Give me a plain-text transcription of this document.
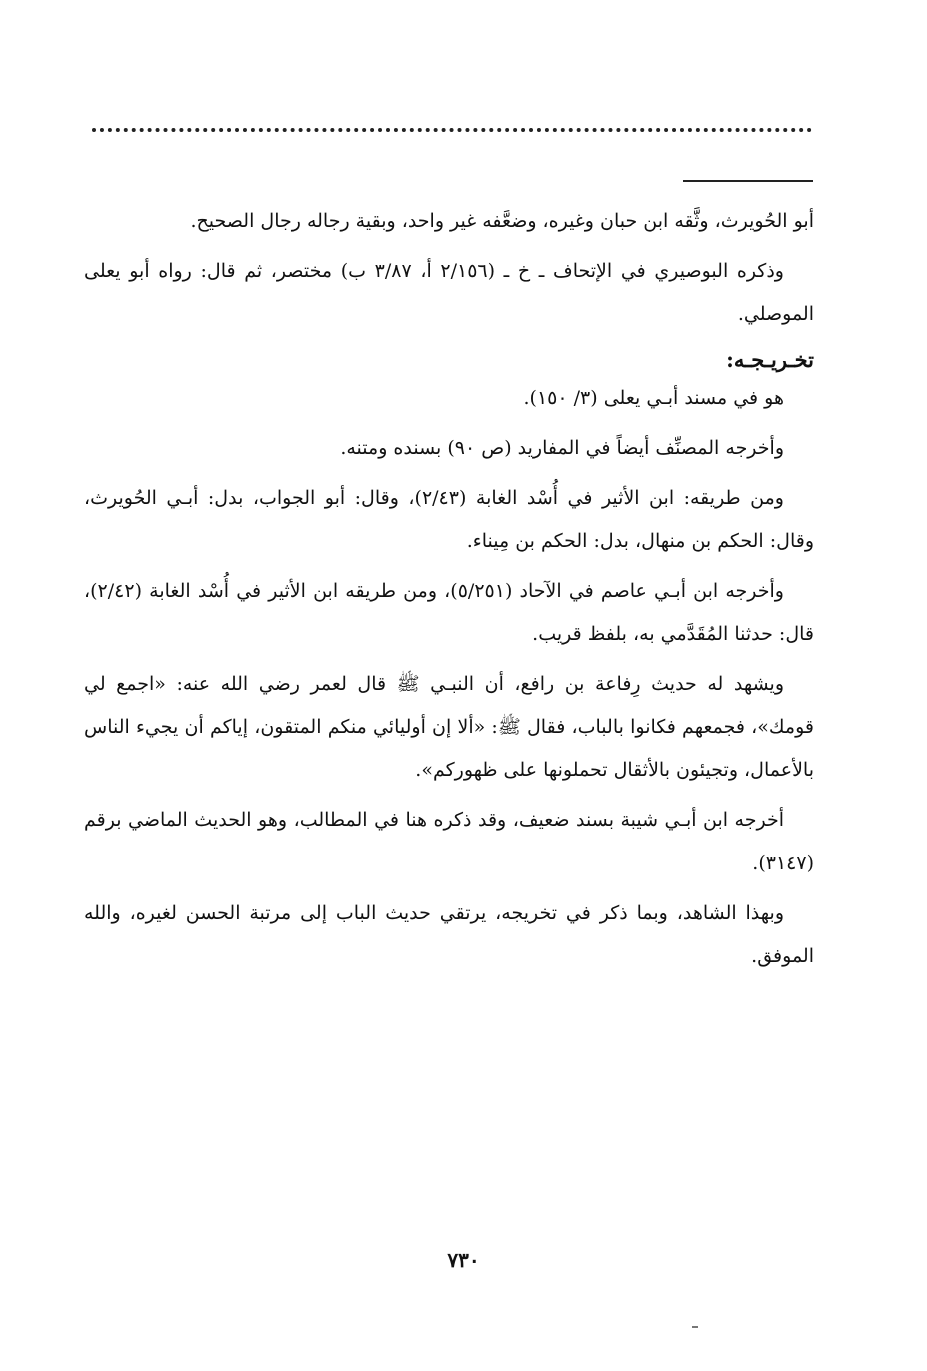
أبو الحُويرث، وثَّقه ابن حبان وغيره، وضعَّفه غير واحد، وبقية رجاله رجال الصحيح.

وذكره البوصيري في الإتحاف ـ خ ـ (٢/١٥٦ أ، ٣/٨٧ ب) مختصر، ثم قال: رواه أبو يعلى الموصلي.

تخـريـجـه:

هو في مسند أبـي يعلى (٣/ ١٥٠).

وأخرجه المصنِّف أيضاً في المفاريد (ص ٩٠) بسنده ومتنه.

ومن طريقه: ابن الأثير في أُسْد الغابة (٢/٤٣)، وقال: أبو الجواب، بدل: أبـي الحُويرث، وقال: الحكم بن منهال، بدل: الحكم بن مِيناء.

وأخرجه ابن أبـي عاصم في الآحاد (٥/٢٥١)، ومن طريقه ابن الأثير في أُسْد الغابة (٢/٤٢)، قال: حدثنا المُقَدَّمي به، بلفظ قريب.

ويشهد له حديث رِفاعة بن رافع، أن النبـي ﷺ قال لعمر رضي الله عنه: «اجمع لي قومك»، فجمعهم فكانوا بالباب، فقال ﷺ: «ألا إن أوليائي منكم المتقون، إياكم أن يجيء الناس بالأعمال، وتجيئون بالأثقال تحملونها على ظهوركم».

أخرجه ابن أبـي شيبة بسند ضعيف، وقد ذكره هنا في المطالب، وهو الحديث الماضي برقم (٣١٤٧).

وبهذا الشاهد، وبما ذكر في تخريجه، يرتقي حديث الباب إلى مرتبة الحسن لغيره، والله الموفق.

٧٣٠
